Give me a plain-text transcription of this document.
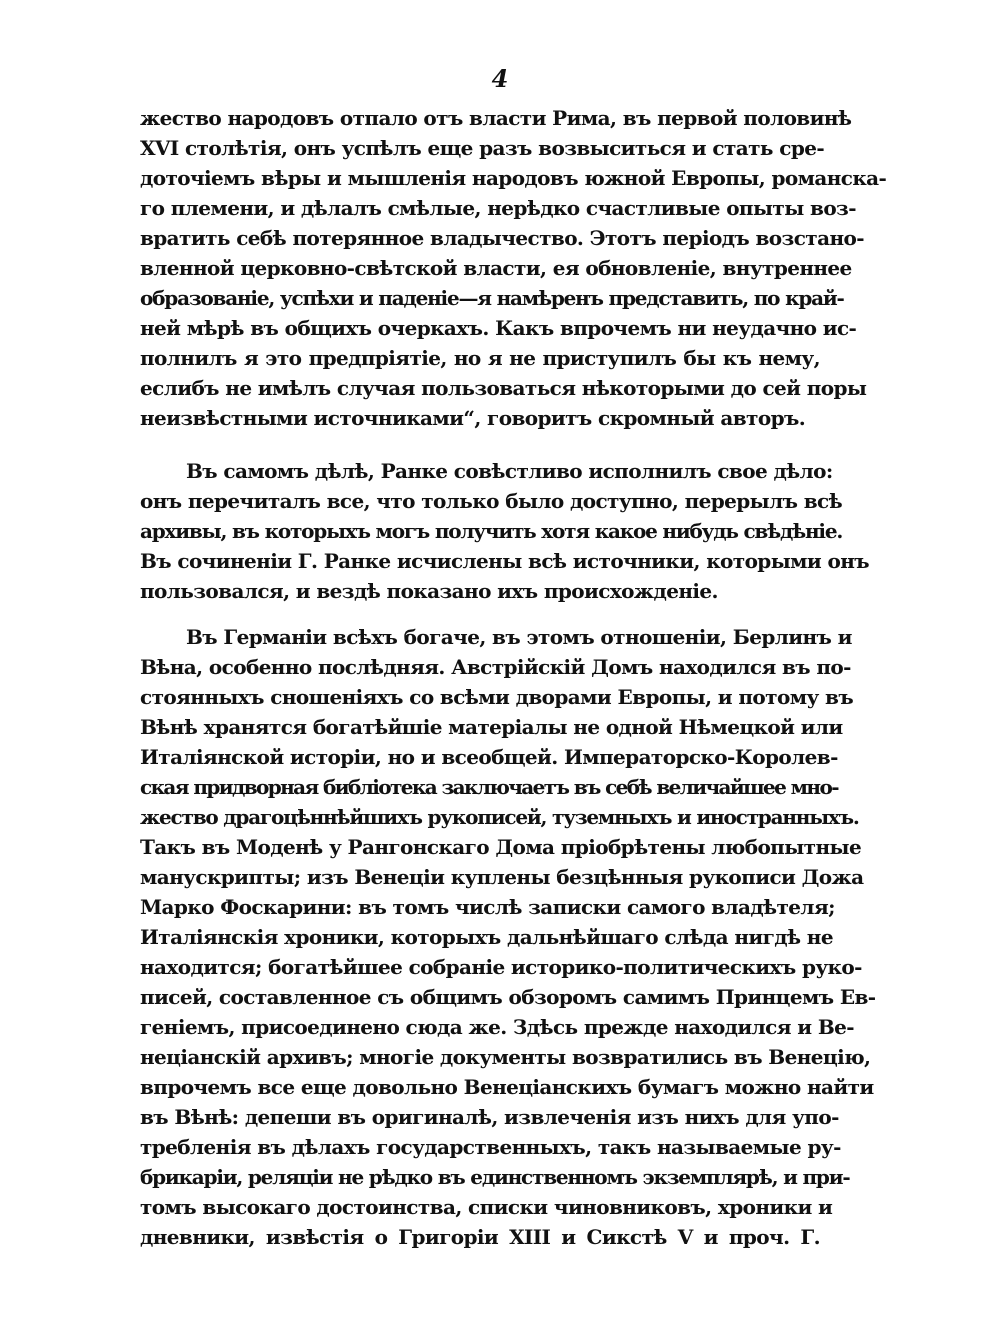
4
жество народовъ отпало отъ власти Рима, въ первой половинѣ
XVI столѣтія, онъ успѣлъ еще разъ возвыситься и стать сре-
доточіемъ вѣры и мышленія народовъ южной Европы, романска-
го племени, и дѣлалъ смѣлые, нерѣдко счастливые опыты воз-
вратить себѣ потерянное владычество. Этотъ періодъ возстано-
вленной церковно-свѣтской власти, ея обновленіе, внутреннее
образованіе, успѣхи и паденіе—я намѣренъ представить, по край-
ней мѣрѣ въ общихъ очеркахъ. Какъ впрочемъ ни неудачно ис-
полнилъ я это предпріятіе, но я не приступилъ бы къ нему,
еслибъ не имѣлъ случая пользоваться нѣкоторыми до сей поры
неизвѣстными источниками“, говоритъ скромный авторъ.
Въ самомъ дѣлѣ, Ранке совѣстливо исполнилъ свое дѣло:
онъ перечиталъ все, что только было доступно, перерылъ всѣ
архивы, въ которыхъ могъ получить хотя какое нибудь свѣдѣніе.
Въ сочиненіи Г. Ранке исчислены всѣ источники, которыми онъ
пользовался, и вездѣ показано ихъ происхожденіе.
Въ Германіи всѣхъ богаче, въ этомъ отношеніи, Берлинъ и
Вѣна, особенно послѣдняя. Австрійскій Домъ находился въ по-
стоянныхъ сношеніяхъ со всѣми дворами Европы, и потому въ
Вѣнѣ хранятся богатѣйшіе матеріалы не одной Нѣмецкой или
Италіянской исторіи, но и всеобщей. Императорско-Королев-
ская придворная библіотека заключаетъ въ себѣ величайшее мно-
жество драгоцѣннѣйшихъ рукописей, туземныхъ и иностранныхъ.
Такъ въ Моденѣ у Рангонскаго Дома пріобрѣтены любопытные
манускрипты; изъ Венеціи куплены безцѣнныя рукописи Дожа
Марко Фоскарини: въ томъ числѣ записки самого владѣтеля;
Италіянскія хроники, которыхъ дальнѣйшаго слѣда нигдѣ не
находится; богатѣйшее собраніе историко-политическихъ руко-
писей, составленное съ общимъ обзоромъ самимъ Принцемъ Ев-
геніемъ, присоединено сюда же. Здѣсь прежде находился и Ве-
неціанскій архивъ; многіе документы возвратились въ Венецію,
впрочемъ все еще довольно Венеціанскихъ бумагъ можно найти
въ Вѣнѣ: депеши въ оригиналѣ, извлеченія изъ нихъ для упо-
требленія въ дѣлахъ государственныхъ, такъ называемые ру-
брикаріи, реляціи не рѣдко въ единственномъ экземплярѣ, и при-
томъ высокаго достоинства, списки чиновниковъ, хроники и
дневники, извѣстія о Григоріи XIII и Сикстѣ V и проч. Г.
